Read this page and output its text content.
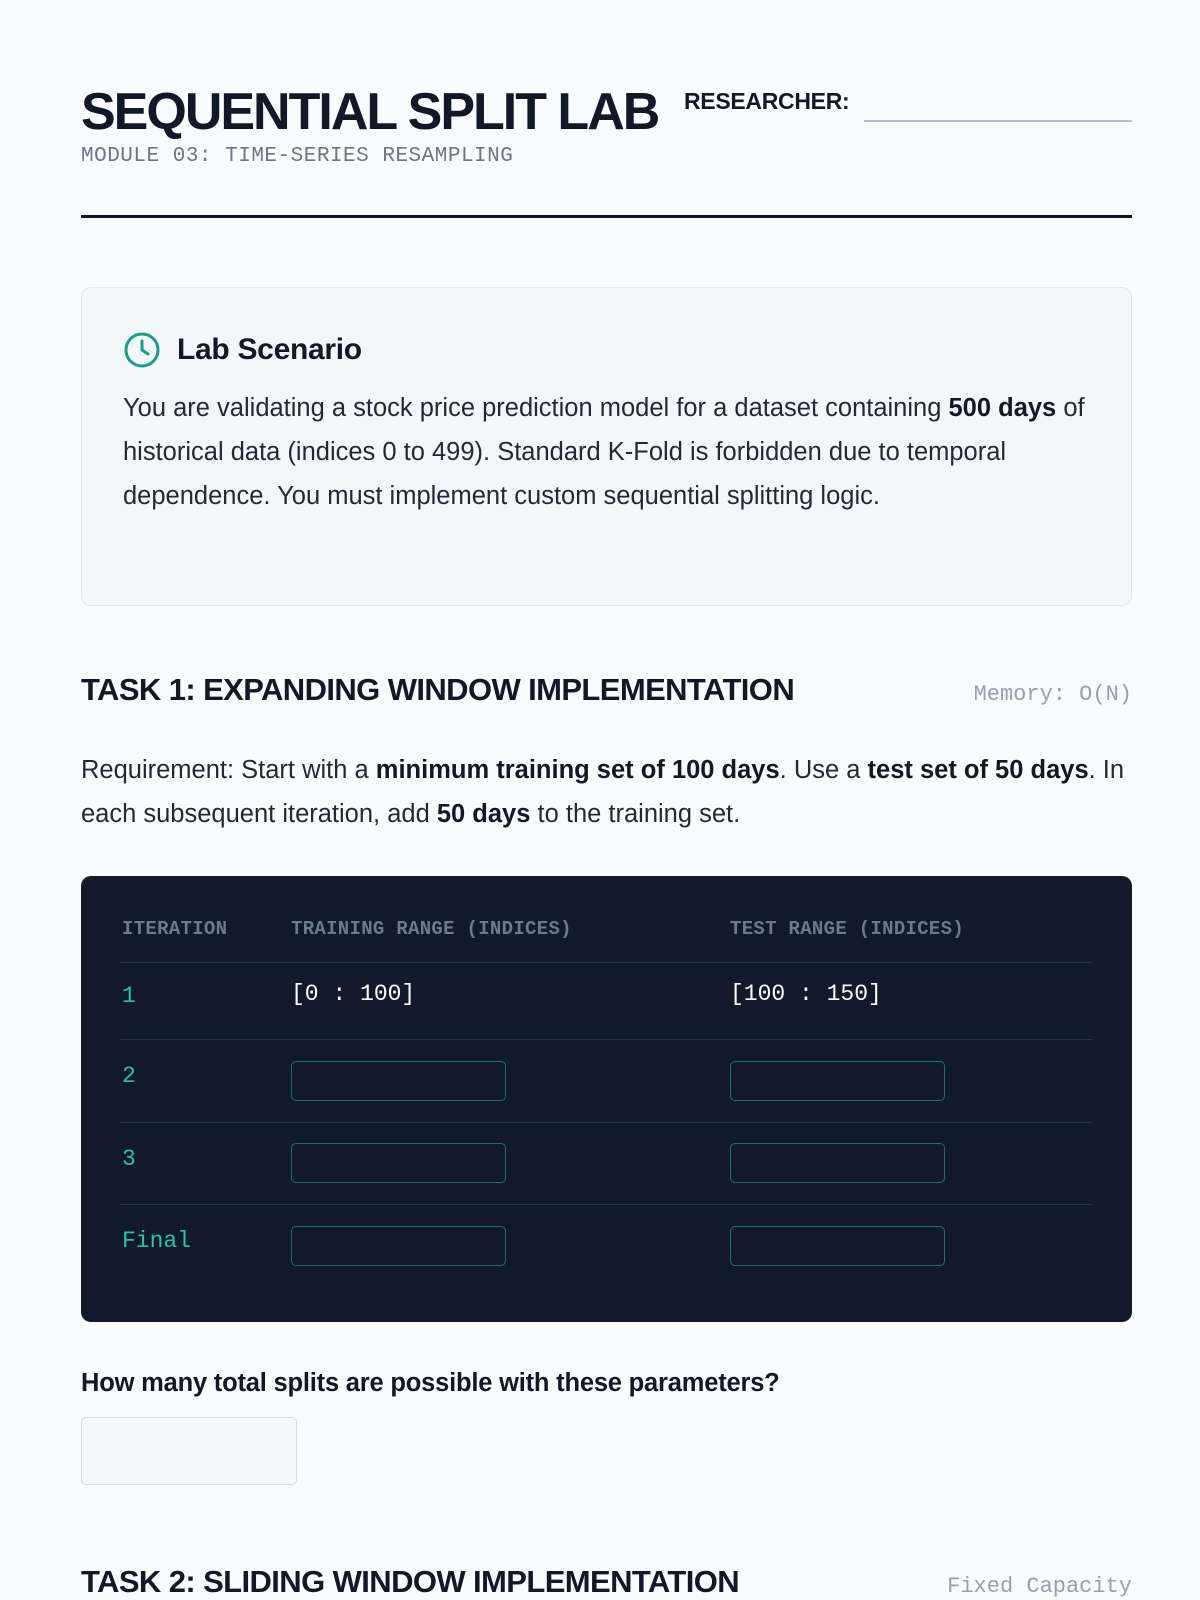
SEQUENTIAL SPLIT LAB RESEARCHER:
MODULE 03: TIME-SERIES RESAMPLING
Lab Scenario

You are validating a stock price prediction model for a dataset containing 500 days of historical data (indices 0 to 499). Standard K-Fold is forbidden due to temporal dependence. You must implement custom sequential splitting logic.

TASK 1: EXPANDING WINDOW IMPLEMENTATION	Memory: O(N)

Requirement: Start with a minimum training set of 100 days. Use a test set of 50 days. In each subsequent iteration, add 50 days to the training set.

ITERATION	TRAINING RANGE (INDICES)	TEST RANGE (INDICES)
1	[0 : 100]	[100 : 150]
2
3
Final
How many total splits are possible with these parameters?
TASK 2: SLIDING WINDOW IMPLEMENTATION	Fixed Capacity
